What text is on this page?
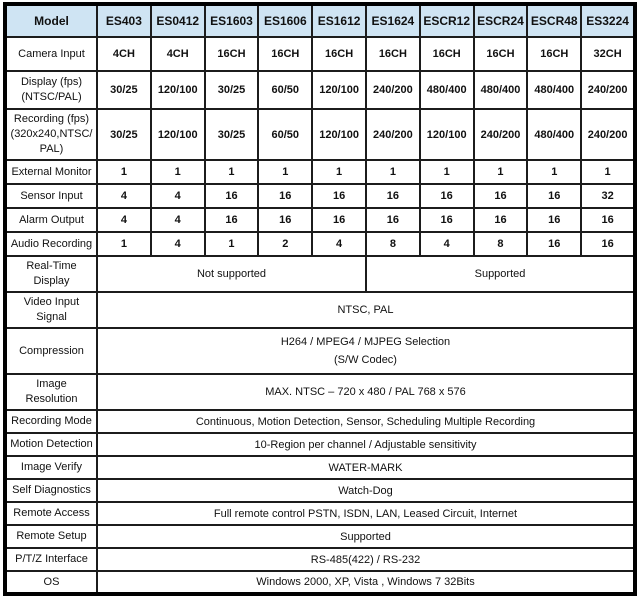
Model	ES403	ES0412	ES1603	ES1606	ES1612	ES1624	ESCR12	ESCR24	ESCR48	ES3224

Camera Input	4CH	4CH	16CH	16CH	16CH	16CH	16CH	16CH	16CH	32CH

Display (fps)
(NTSC/PAL)	30/25	120/100	30/25	60/50	120/100	240/200	480/400	480/400	480/400	240/200

Recording (fps)
(320x240,NTSC/
PAL)	30/25	120/100	30/25	60/50	120/100	240/200	120/100	240/200	480/400	240/200

External Monitor	1	1	1	1	1	1	1	1	1	1

Sensor Input	4	4	16	16	16	16	16	16	16	32

Alarm Output	4	4	16	16	16	16	16	16	16	16

Audio Recording	1	4	1	2	4	8	4	8	16	16

Real-Time
Display	Not supported					Supported				

Video Input
Signal	NTSC, PAL									

Compression	H264 / MPEG4 / MJPEG Selection
(S/W Codec)									

Image
Resolution	MAX. NTSC – 720 x 480 / PAL 768 x 576									

Recording Mode	Continuous, Motion Detection, Sensor, Scheduling Multiple Recording									

Motion Detection	10-Region per channel / Adjustable sensitivity									

Image Verify	WATER-MARK									

Self Diagnostics	Watch-Dog									

Remote Access	Full remote control PSTN, ISDN, LAN, Leased Circuit, Internet									

Remote Setup	Supported									

P/T/Z Interface	RS-485(422) / RS-232									

OS	Windows 2000, XP, Vista , Windows 7 32Bits									
